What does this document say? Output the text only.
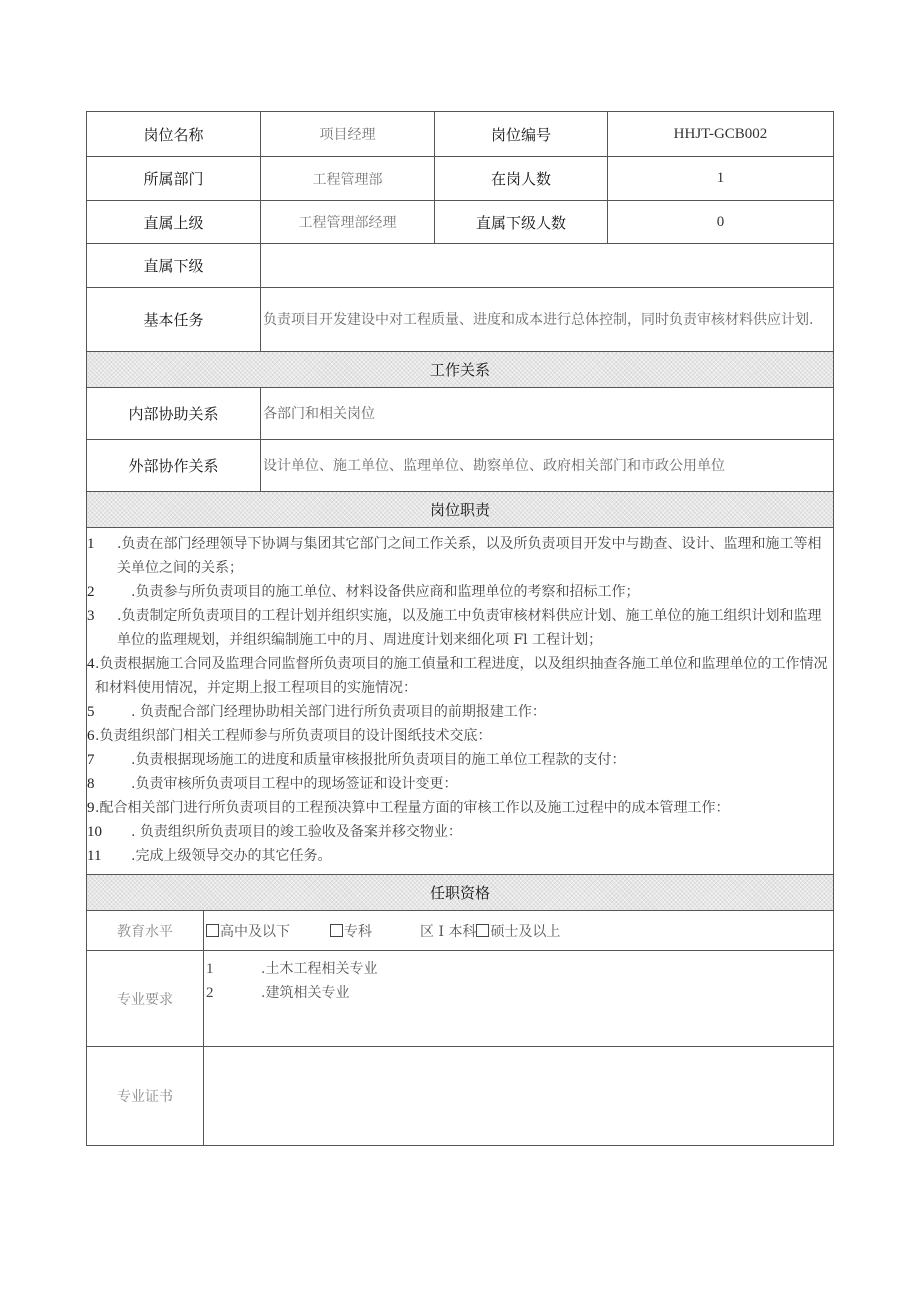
岗位名称	项目经理	岗位编号	HHJT-GCB002
所属部门	工程管理部	在岗人数	1
直属上级	工程管理部经理	直属下级人数	0
直属下级			
基本任务	负责项目开发建设中对工程质量、进度和成本进行总体控制，同时负责审核材料供应计划.		
工作关系			
内部协助关系	各部门和相关岗位		
外部协作关系	设计单位、施工单位、监理单位、勘察单位、政府相关部门和市政公用单位		
岗位职责			

1	.负责在部门经理领导下协调与集团其它部门之间工作关系，以及所负责项目开发中与勘查、设计、监理和施工等相关单位之间的关系；
2	.负责参与所负责项目的施工单位、材料设备供应商和监理单位的考察和招标工作；
3	.负责制定所负责项目的工程计划并组织实施，以及施工中负责审核材料供应计划、施工单位的施工组织计划和监理单位的监理规划，并组织编制施工中的月、周进度计划来细化项 Fl 工程计划；
4 .负责根据施工合同及监理合同监督所负责项目的施工偵量和工程进度，以及组织抽查各施工单位和监理单位的工作情况和材料使用情况，并定期上报工程项目的实施情况：
5	. 负责配合部门经理协助相关部门进行所负责项目的前期报建工作：
6 .负责组织部门相关工程师参与所负责项目的设计图纸技术交底：
7	.负责根据现场施工的进度和质量审核报批所负责项目的施工单位工程款的支付：
8	.负责审核所负责项目工程中的现场签证和设计变更：
9 .配合相关部门进行所负责项目的工程预决算中工程量方面的审核工作以及施工过程中的成本管理工作：
10	. 负责组织所负责项目的竣工验收及备案并移交物业：
11	.完成上级领导交办的其它任务。

任职资格			
教育水平	高中及以下 专科 区 I 本科 硕士及以上
专业要求	1 .土木工程相关专业
2 .建筑相关专业

专业证书	
